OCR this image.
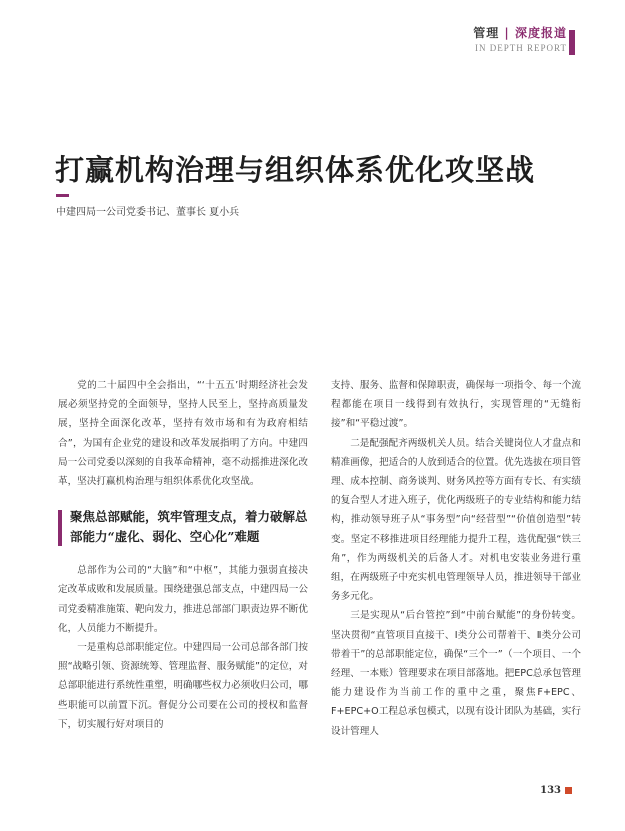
管理 | 深度报道
IN DEPTH REPORT
打赢机构治理与组织体系优化攻坚战
中建四局一公司党委书记、董事长 夏小兵

党的二十届四中全会指出，“‘十五五’时期经济社会发展必须坚持党的全面领导，坚持人民至上，坚持高质量发展，坚持全面深化改革，坚持有效市场和有为政府相结合”，为国有企业党的建设和改革发展指明了方向。中建四局一公司党委以深刻的自我革命精神，毫不动摇推进深化改革，坚决打赢机构治理与组织体系优化攻坚战。

聚焦总部赋能，筑牢管理支点，着力破解总部能力“虚化、弱化、空心化”难题

总部作为公司的“大脑”和“中枢”，其能力强弱直接决定改革成败和发展质量。围绕建强总部支点，中建四局一公司党委精准施策、靶向发力，推进总部部门职责边界不断优化，人员能力不断提升。

一是重构总部职能定位。中建四局一公司总部各部门按照“战略引领、资源统筹、管理监督、服务赋能”的定位，对总部职能进行系统性重塑，明确哪些权力必须收归公司，哪些职能可以前置下沉。督促分公司要在公司的授权和监督下，切实履行好对项目的

支持、服务、监督和保障职责，确保每一项指令、每一个流程都能在项目一线得到有效执行，实现管理的“无缝衔接”和“平稳过渡”。

二是配强配齐两级机关人员。结合关键岗位人才盘点和精准画像，把适合的人放到适合的位置。优先选拔在项目管理、成本控制、商务谈判、财务风控等方面有专长、有实绩的复合型人才进入班子，优化两级班子的专业结构和能力结构，推动领导班子从“事务型”向“经营型”“价值创造型”转变。坚定不移推进项目经理能力提升工程，选优配强“铁三角”，作为两级机关的后备人才。对机电安装业务进行重组，在两级班子中充实机电管理领导人员，推进领导干部业务多元化。

三是实现从“后台管控”到“中前台赋能”的身份转变。坚决贯彻“直管项目直接干、Ⅰ类分公司帮着干、Ⅱ类分公司带着干”的总部职能定位，确保“三个一”（一个项目、一个经理、一本账）管理要求在项目部落地。把EPC总承包管理能力建设作为当前工作的重中之重，聚焦F+EPC、F+EPC+O工程总承包模式，以现有设计团队为基础，实行设计管理人

133
